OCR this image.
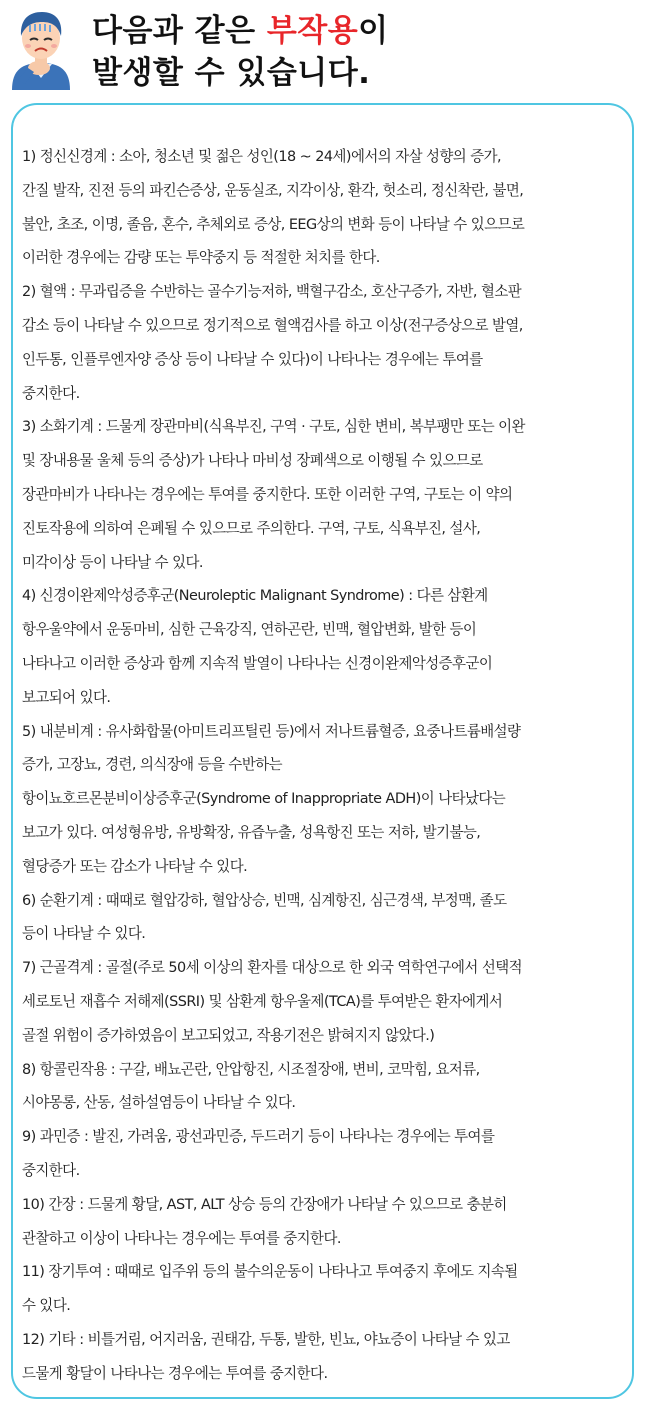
다음과 같은 부작용이
발생할 수 있습니다.
1) 정신신경계 : 소아, 청소년 및 젊은 성인(18 ~ 24세)에서의 자살 성향의 증가,
간질 발작, 진전 등의 파킨슨증상, 운동실조, 지각이상, 환각, 헛소리, 정신착란, 불면,
불안, 초조, 이명, 졸음, 혼수, 추체외로 증상, EEG상의 변화 등이 나타날 수 있으므로
이러한 경우에는 감량 또는 투약중지 등 적절한 처치를 한다.
2) 혈액 : 무과립증을 수반하는 골수기능저하, 백혈구감소, 호산구증가, 자반, 혈소판
감소 등이 나타날 수 있으므로 정기적으로 혈액검사를 하고 이상(전구증상으로 발열,
인두통, 인플루엔자양 증상 등이 나타날 수 있다)이 나타나는 경우에는 투여를
중지한다.
3) 소화기계 : 드물게 장관마비(식욕부진, 구역 · 구토, 심한 변비, 복부팽만 또는 이완
및 장내용물 울체 등의 증상)가 나타나 마비성 장폐색으로 이행될 수 있으므로
장관마비가 나타나는 경우에는 투여를 중지한다. 또한 이러한 구역, 구토는 이 약의
진토작용에 의하여 은폐될 수 있으므로 주의한다. 구역, 구토, 식욕부진, 설사,
미각이상 등이 나타날 수 있다.
4) 신경이완제악성증후군(Neuroleptic Malignant Syndrome) : 다른 삼환계
항우울약에서 운동마비, 심한 근육강직, 연하곤란, 빈맥, 혈압변화, 발한 등이
나타나고 이러한 증상과 함께 지속적 발열이 나타나는 신경이완제악성증후군이
보고되어 있다.
5) 내분비계 : 유사화합물(아미트리프틸린 등)에서 저나트륨혈증, 요중나트륨배설량
증가, 고장뇨, 경련, 의식장애 등을 수반하는
항이뇨호르몬분비이상증후군(Syndrome of Inappropriate ADH)이 나타났다는
보고가 있다. 여성형유방, 유방확장, 유즙누출, 성욕항진 또는 저하, 발기불능,
혈당증가 또는 감소가 나타날 수 있다.
6) 순환기계 : 때때로 혈압강하, 혈압상승, 빈맥, 심계항진, 심근경색, 부정맥, 졸도
등이 나타날 수 있다.
7) 근골격계 : 골절(주로 50세 이상의 환자를 대상으로 한 외국 역학연구에서 선택적
세로토닌 재흡수 저해제(SSRI) 및 삼환계 항우울제(TCA)를 투여받은 환자에게서
골절 위험이 증가하였음이 보고되었고, 작용기전은 밝혀지지 않았다.)
8) 항콜린작용 : 구갈, 배뇨곤란, 안압항진, 시조절장애, 변비, 코막힘, 요저류,
시야몽롱, 산동, 설하설염등이 나타날 수 있다.
9) 과민증 : 발진, 가려움, 광선과민증, 두드러기 등이 나타나는 경우에는 투여를
중지한다.
10) 간장 : 드물게 황달, AST, ALT 상승 등의 간장애가 나타날 수 있으므로 충분히
관찰하고 이상이 나타나는 경우에는 투여를 중지한다.
11) 장기투여 : 때때로 입주위 등의 불수의운동이 나타나고 투여중지 후에도 지속될
수 있다.
12) 기타 : 비틀거림, 어지러움, 권태감, 두통, 발한, 빈뇨, 야뇨증이 나타날 수 있고
드물게 황달이 나타나는 경우에는 투여를 중지한다.
